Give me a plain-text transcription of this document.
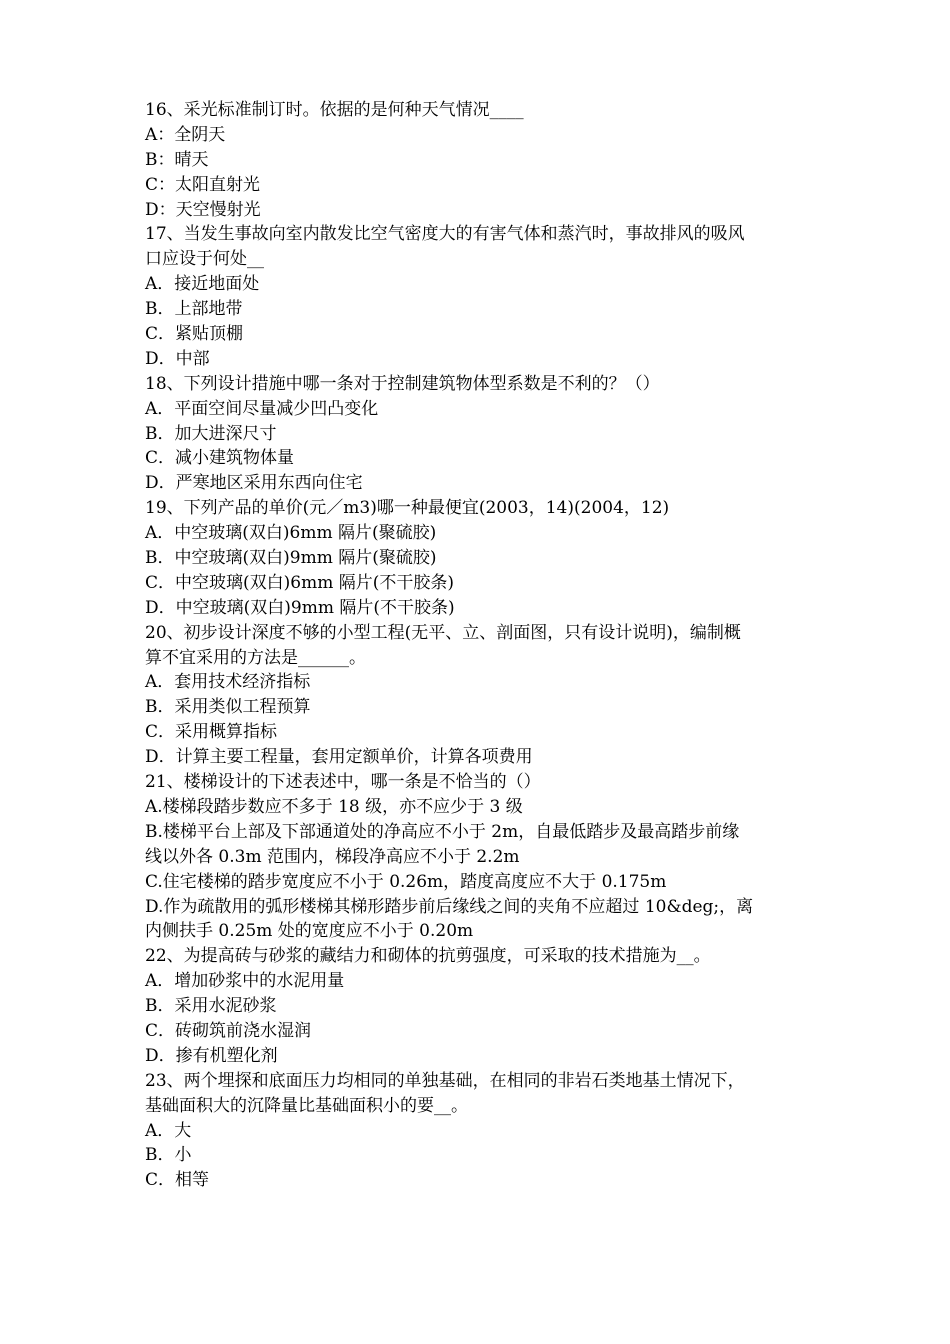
16、采光标准制订时。依据的是何种天气情况____
A：全阴天
B：晴天
C：太阳直射光
D：天空慢射光
17、当发生事故向室内散发比空气密度大的有害气体和蒸汽时，事故排风的吸风
口应设于何处__
A．接近地面处
B．上部地带
C．紧贴顶棚
D．中部
18、下列设计措施中哪一条对于控制建筑物体型系数是不利的？（）
A．平面空间尽量减少凹凸变化
B．加大进深尺寸
C．减小建筑物体量
D．严寒地区采用东西向住宅
19、下列产品的单价(元／m3)哪一种最便宜(2003，14)(2004，12)
A．中空玻璃(双白)6mm 隔片(聚硫胶)
B．中空玻璃(双白)9mm 隔片(聚硫胶)
C．中空玻璃(双白)6mm 隔片(不干胶条)
D．中空玻璃(双白)9mm 隔片(不干胶条)
20、初步设计深度不够的小型工程(无平、立、剖面图，只有设计说明)，编制概
算不宜采用的方法是______。
A．套用技术经济指标
B．采用类似工程预算
C．采用概算指标
D．计算主要工程量，套用定额单价，计算各项费用
21、楼梯设计的下述表述中，哪一条是不恰当的（）
A.楼梯段踏步数应不多于 18 级，亦不应少于 3 级
B.楼梯平台上部及下部通道处的净高应不小于 2m，自最低踏步及最高踏步前缘
线以外各 0.3m 范围内，梯段净高应不小于 2.2m
C.住宅楼梯的踏步宽度应不小于 0.26m，踏度高度应不大于 0.175m
D.作为疏散用的弧形楼梯其梯形踏步前后缘线之间的夹角不应超过 10&deg;，离
内侧扶手 0.25m 处的宽度应不小于 0.20m
22、为提高砖与砂浆的藏结力和砌体的抗剪强度，可采取的技术措施为__。
A．增加砂浆中的水泥用量
B．采用水泥砂浆
C．砖砌筑前浇水湿润
D．掺有机塑化剂
23、两个埋探和底面压力均相同的单独基础，在相同的非岩石类地基土情况下，
基础面积大的沉降量比基础面积小的要__。
A．大
B．小
C．相等
